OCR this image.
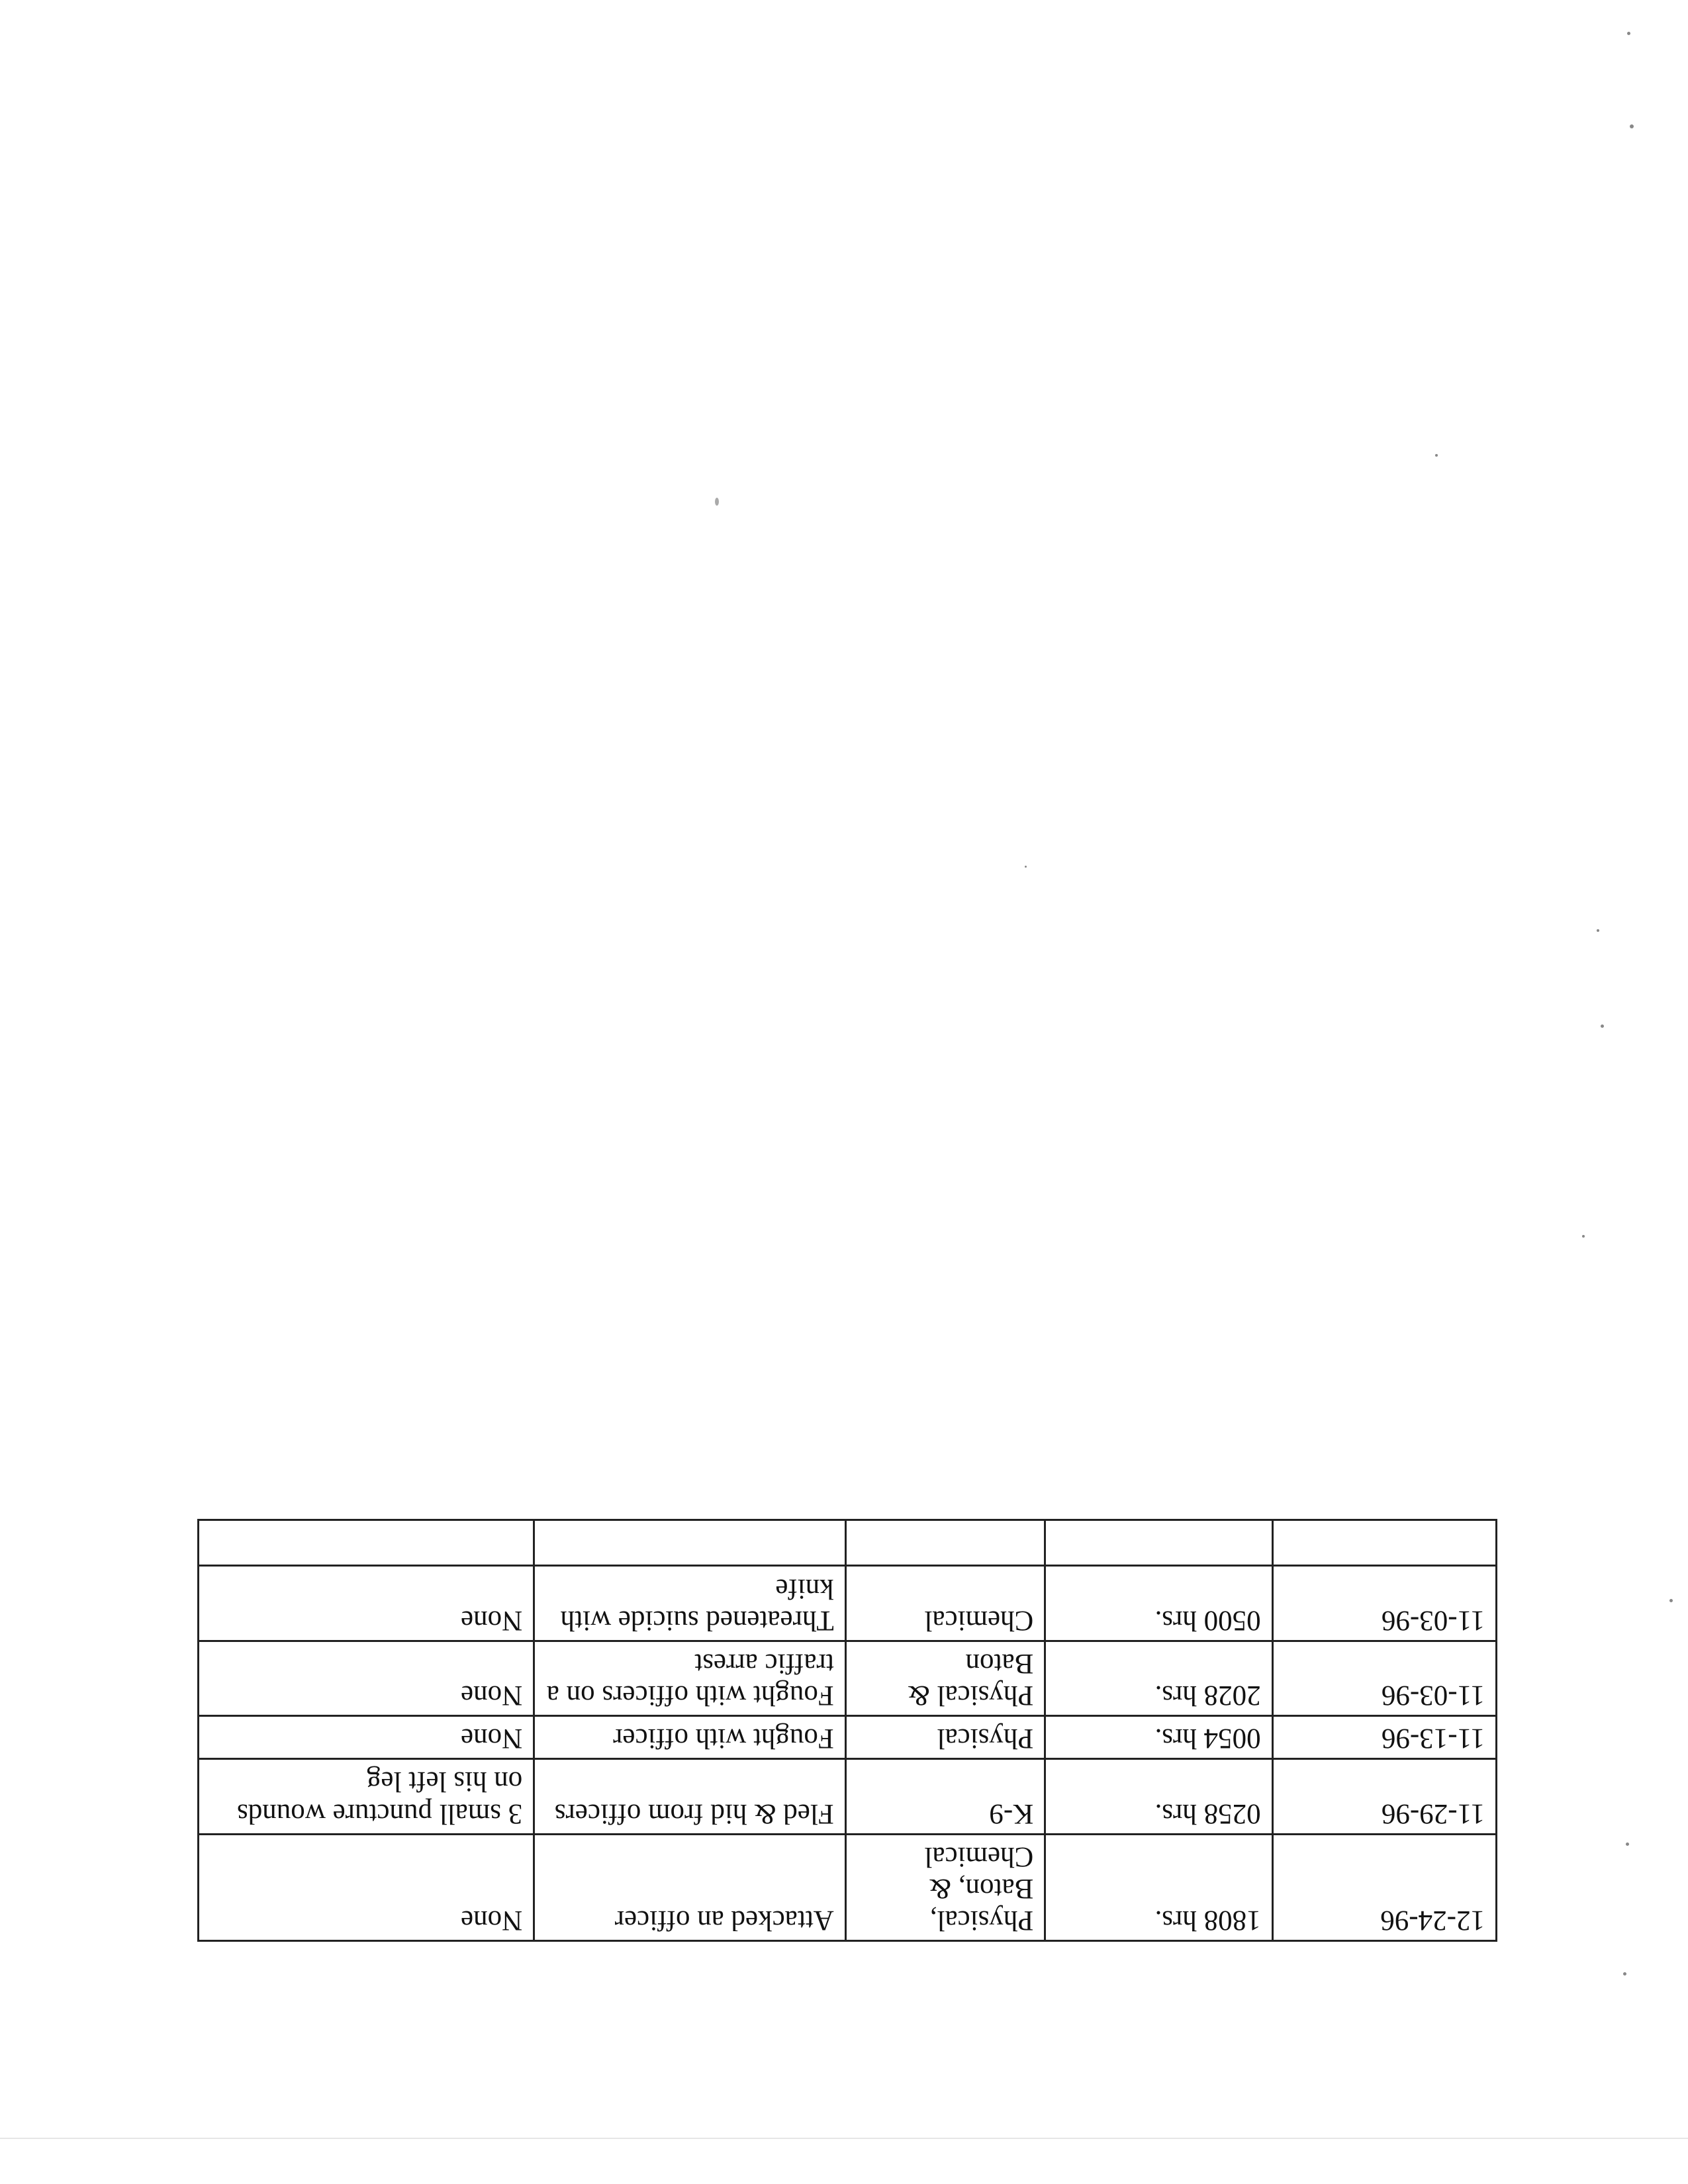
12-24-96	1808 hrs.	Physical, Baton, & Chemical	Attacked an officer	None
11-29-96	0258 hrs.	K-9	Fled & hid from officers	3 small puncture wounds on his left leg
11-13-96	0054 hrs.	Physical	Fought with officer	None
11-03-96	2028 hrs.	Physical & Baton	Fought with officers on a traffic arrest	None
11-03-96	0500 hrs.	Chemical	Threatened suicide with knife	None
